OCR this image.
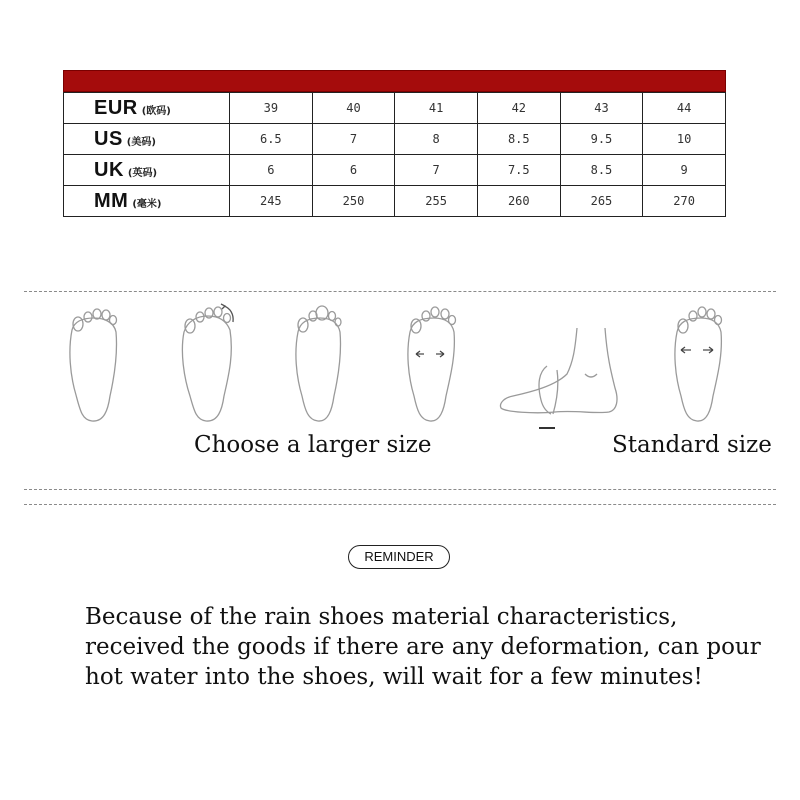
EUR (欧码)	39	40	41	42	43	44
US (美码)	6.5	7	8	8.5	9.5	10
UK (英码)	6	6	7	7.5	8.5	9
MM (毫米)	245	250	255	260	265	270
Choose a larger size	Standard size
REMINDER
Because of the rain shoes material characteristics, received the goods if there are any deformation, can pour hot water into the shoes, will wait for a few minutes!
